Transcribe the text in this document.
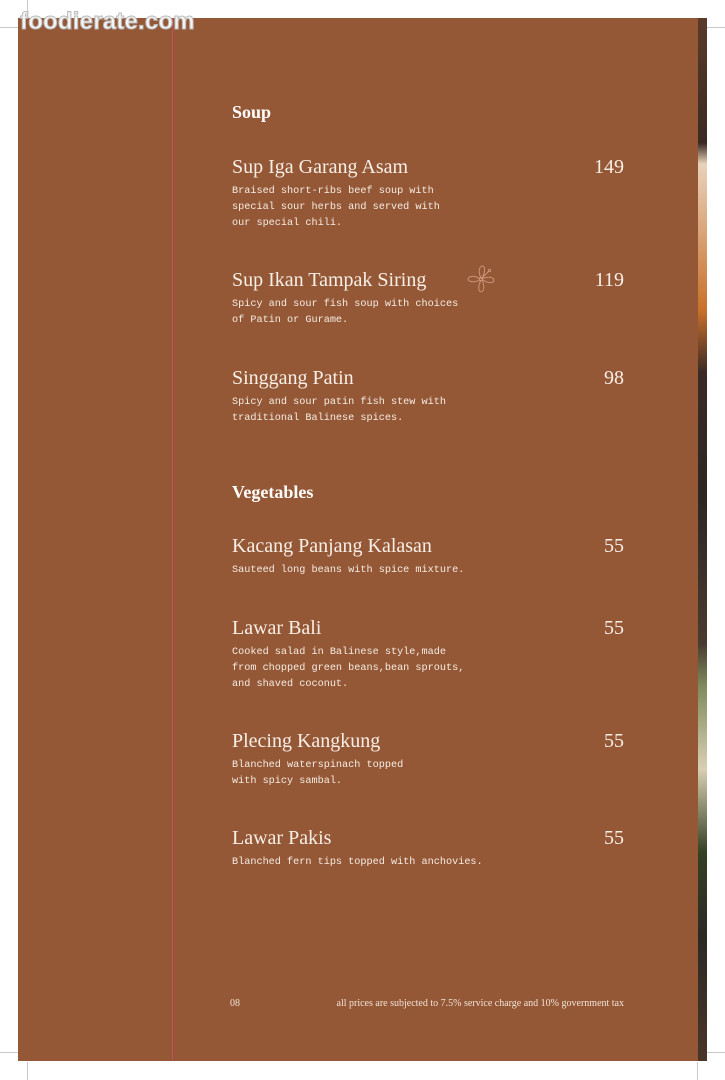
Soup
Sup Iga Garang Asam	149

Braised short-ribs beef soup with
special sour herbs and served with
our special chili.

Sup Ikan Tampak Siring	119

Spicy and sour fish soup with choices
of Patin or Gurame.

Singgang Patin	98

Spicy and sour patin fish stew with
traditional Balinese spices.

Vegetables
Kacang Panjang Kalasan	55

Sauteed long beans with spice mixture.

Lawar Bali	55

Cooked salad in Balinese style,made
from chopped green beans,bean sprouts,
and shaved coconut.

Plecing Kangkung	55

Blanched waterspinach topped
with spicy sambal.

Lawar Pakis	55

Blanched fern tips topped with anchovies.

08	all prices are subjected to 7.5% service charge and 10% government tax
foodierate.com
